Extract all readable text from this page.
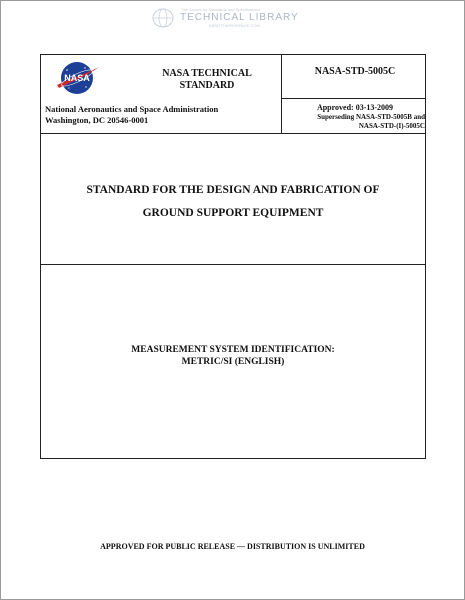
The Source for Standards and Specifications
TECHNICAL LIBRARY
ABBOTTAEROSPACE.COM
NASA	NASA TECHNICAL
STANDARD
NASA-STD-5005C
National Aeronautics and Space Administration
Washington, DC 20546-0001
Approved: 03-13-2009
Superseding NASA-STD-5005B and
NASA-STD-(I)-5005C
STANDARD FOR THE DESIGN AND FABRICATION OF
GROUND SUPPORT EQUIPMENT
MEASUREMENT SYSTEM IDENTIFICATION:
METRIC/SI (ENGLISH)
APPROVED FOR PUBLIC RELEASE — DISTRIBUTION IS UNLIMITED
